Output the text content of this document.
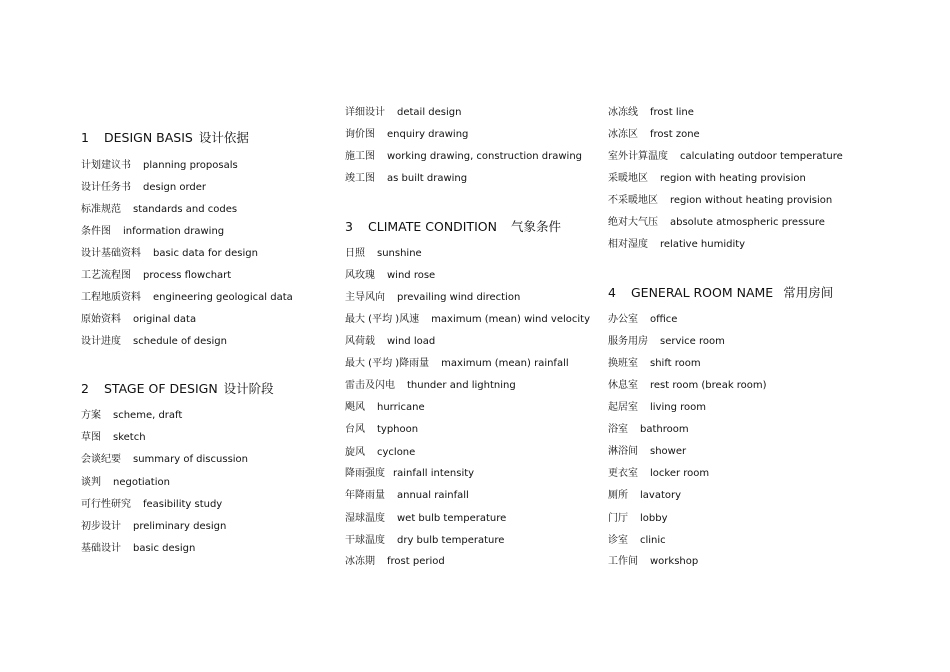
1 DESIGN BASIS 设计依据
计划建议书 planning proposals
设计任务书 design order
标准规范 standards and codes
条件图 information drawing
设计基础资料 basic data for design
工艺流程图 process flowchart
工程地质资料 engineering geological data
原始资料 original data
设计进度 schedule of design
2 STAGE OF DESIGN 设计阶段
方案 scheme, draft
草图 sketch
会谈纪要 summary of discussion
谈判 negotiation
可行性研究 feasibility study
初步设计 preliminary design
基础设计 basic design
详细设计 detail design
询价图 enquiry drawing
施工图 working drawing, construction drawing
竣工图 as built drawing
3 CLIMATE CONDITION 气象条件
日照 sunshine
风玫瑰 wind rose
主导风向 prevailing wind direction
最大 (平均 )风速 maximum (mean) wind velocity
风荷载 wind load
最大 (平均 )降雨量 maximum (mean) rainfall
雷击及闪电 thunder and lightning
飓风 hurricane
台风 typhoon
旋风 cyclone
降雨强度 rainfall intensity
年降雨量 annual rainfall
湿球温度 wet bulb temperature
干球温度 dry bulb temperature
冰冻期 frost period
冰冻线 frost line
冰冻区 frost zone
室外计算温度 calculating outdoor temperature
采暖地区 region with heating provision
不采暖地区 region without heating provision
绝对大气压 absolute atmospheric pressure
相对湿度 relative humidity
4 GENERAL ROOM NAME 常用房间
办公室 office
服务用房 service room
换班室 shift room
休息室 rest room (break room)
起居室 living room
浴室 bathroom
淋浴间 shower
更衣室 locker room
厕所 lavatory
门厅 lobby
诊室 clinic
工作间 workshop
